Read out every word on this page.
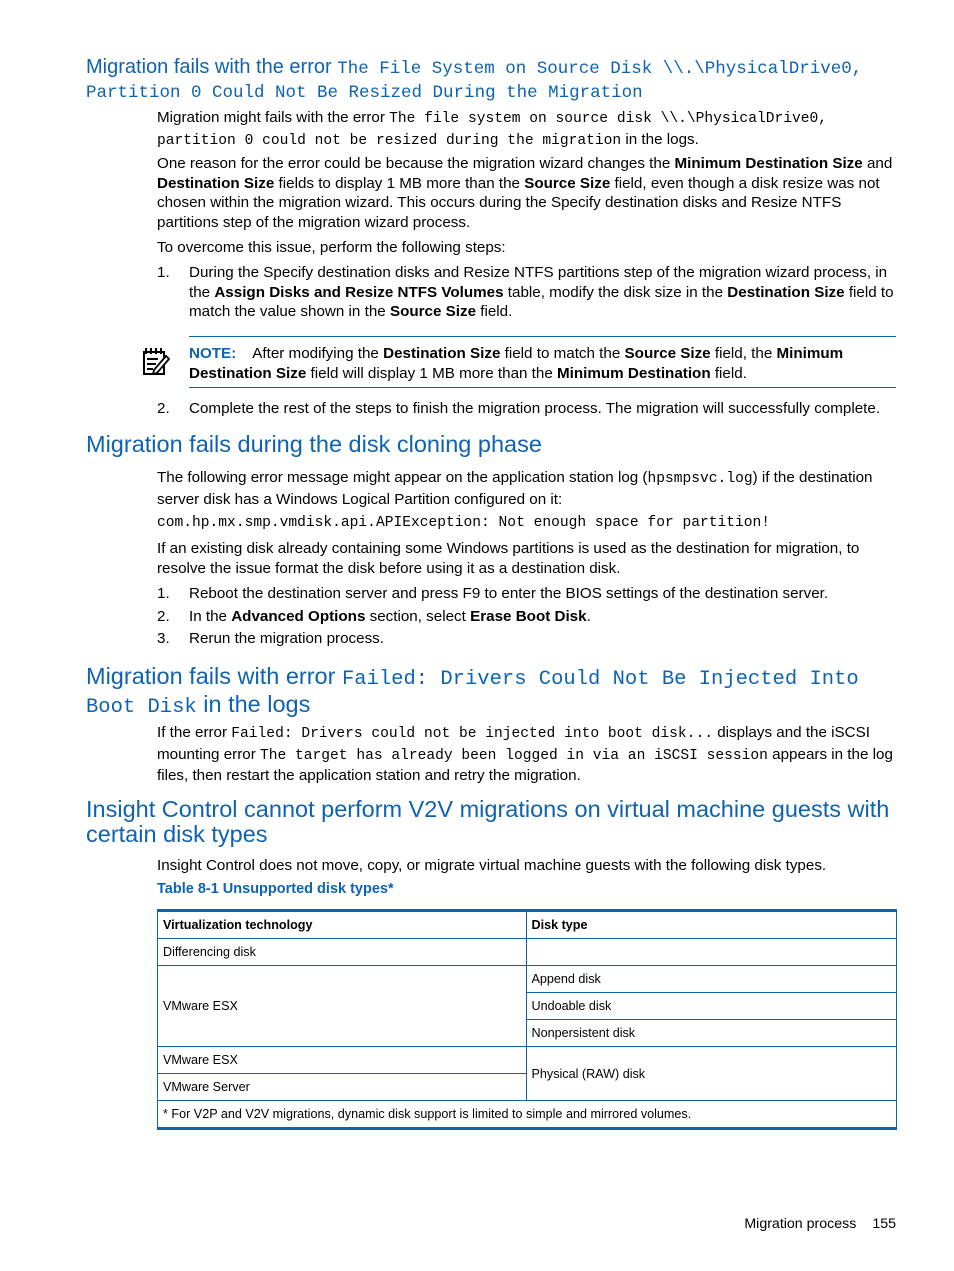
Migration fails with the error The File System on Source Disk \\.\PhysicalDrive0, Partition 0 Could Not Be Resized During the Migration
Migration might fails with the error The file system on source disk \\.\PhysicalDrive0, partition 0 could not be resized during the migration in the logs.
One reason for the error could be because the migration wizard changes the Minimum Destination Size and Destination Size fields to display 1 MB more than the Source Size field, even though a disk resize was not chosen within the migration wizard. This occurs during the Specify destination disks and Resize NTFS partitions step of the migration wizard process.
To overcome this issue, perform the following steps:
1. During the Specify destination disks and Resize NTFS partitions step of the migration wizard process, in the Assign Disks and Resize NTFS Volumes table, modify the disk size in the Destination Size field to match the value shown in the Source Size field.
NOTE: After modifying the Destination Size field to match the Source Size field, the Minimum Destination Size field will display 1 MB more than the Minimum Destination field.
2. Complete the rest of the steps to finish the migration process. The migration will successfully complete.
Migration fails during the disk cloning phase
The following error message might appear on the application station log (hpsmpsvc.log) if the destination server disk has a Windows Logical Partition configured on it:
com.hp.mx.smp.vmdisk.api.APIException: Not enough space for partition!
If an existing disk already containing some Windows partitions is used as the destination for migration, to resolve the issue format the disk before using it as a destination disk.
1. Reboot the destination server and press F9 to enter the BIOS settings of the destination server.
2. In the Advanced Options section, select Erase Boot Disk.
3. Rerun the migration process.
Migration fails with error Failed: Drivers Could Not Be Injected Into Boot Disk in the logs
If the error Failed: Drivers could not be injected into boot disk... displays and the iSCSI mounting error The target has already been logged in via an iSCSI session appears in the log files, then restart the application station and retry the migration.
Insight Control cannot perform V2V migrations on virtual machine guests with certain disk types
Insight Control does not move, copy, or migrate virtual machine guests with the following disk types.
Table 8-1 Unsupported disk types*
Virtualization technology	Disk type
Differencing disk	
VMware ESX	Append disk
	Undoable disk
	Nonpersistent disk
VMware ESX	Physical (RAW) disk
VMware Server	
* For V2P and V2V migrations, dynamic disk support is limited to simple and mirrored volumes.	
Migration process 155
